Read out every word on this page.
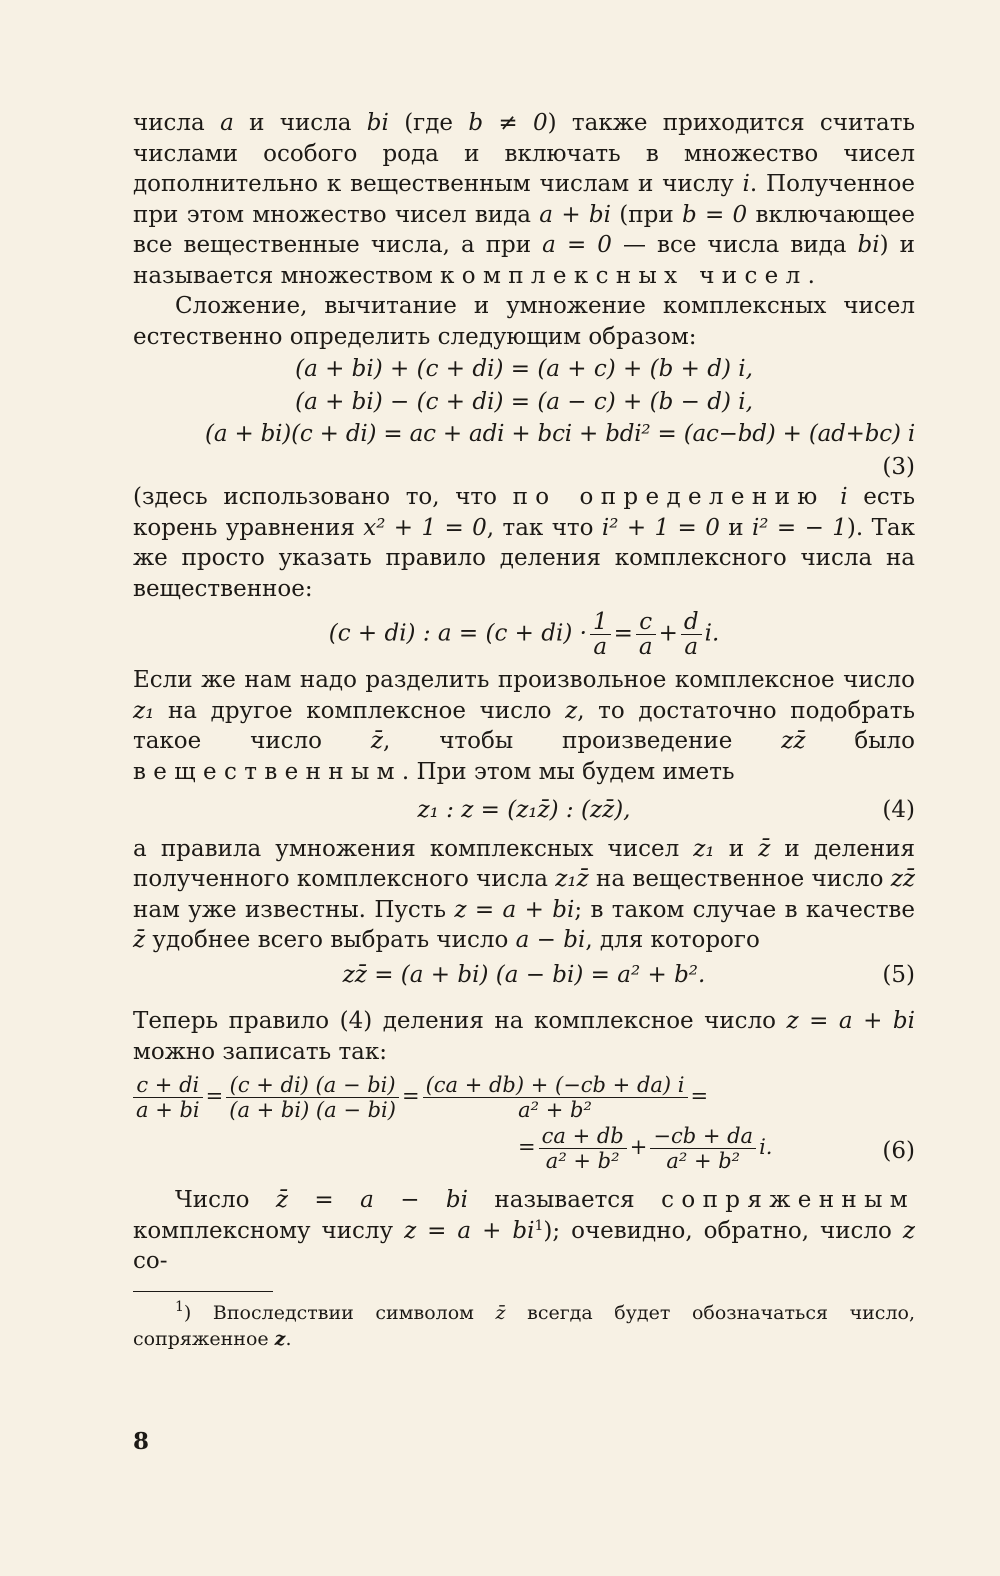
числа a и числа bi (где b ≠ 0) также приходится считать числами особого рода и включать в множество чисел дополнительно к вещественным числам и числу i. Полученное при этом множество чисел вида a + bi (при b = 0 включающее все вещественные числа, а при a = 0 — все числа вида bi) и называется множеством комплексных чисел.

Сложение, вычитание и умножение комплексных чисел естественно определить следующим образом:

(a + bi) + (c + di) = (a + c) + (b + d) i,
(a + bi) − (c + di) = (a − c) + (b − d) i,
(a + bi)(c + di) = ac + adi + bci + bdi² = (ac−bd) + (ad+bc) i
(3)

(здесь использовано то, что по определению i есть корень уравнения x² + 1 = 0, так что i² + 1 = 0 и i² = − 1). Так же просто указать правило деления комплексного числа на вещественное:

(c + di) : $a = (c + di) \cdot \frac{1}{a} = \frac{c}{a} + \frac{d}{a} i$.

Если же нам надо разделить произвольное комплексное число z₁ на другое комплексное число z, то достаточно подобрать такое число z̄, чтобы произведение zz̄ было вещественным. При этом мы будем иметь

z₁ : z = (z₁z̄) : (zz̄),	(4)

а правила умножения комплексных чисел z₁ и z̄ и деления полученного комплексного числа z₁z̄ на вещественное число zz̄ нам уже известны. Пусть z = a + bi; в таком случае в качестве z̄ удобнее всего выбрать число a − bi, для которого

zz̄ = (a + bi) (a − bi) = a² + b².	(5)

Теперь правило (4) деления на комплексное число z = a + bi можно записать так:

$\frac{c + di}{a + bi} = \frac{(c + di) (a - bi)}{(a + bi) (a - bi)} = \frac{(ca + db) + (-cb + da) i}{\text{a² + b²}}$ =
= $\frac{ca + db}{\text{a² + b²}} + \frac{-cb + da}{\text{a² + b²}} i$.	(6)

Число z̄ = a − bi называется сопряженным комплексному числу $z = a + bi^1$); очевидно, обратно, число z со-

$^1$) Впоследствии символом z̄ всегда будет обозначаться число, сопряженное z.

8
